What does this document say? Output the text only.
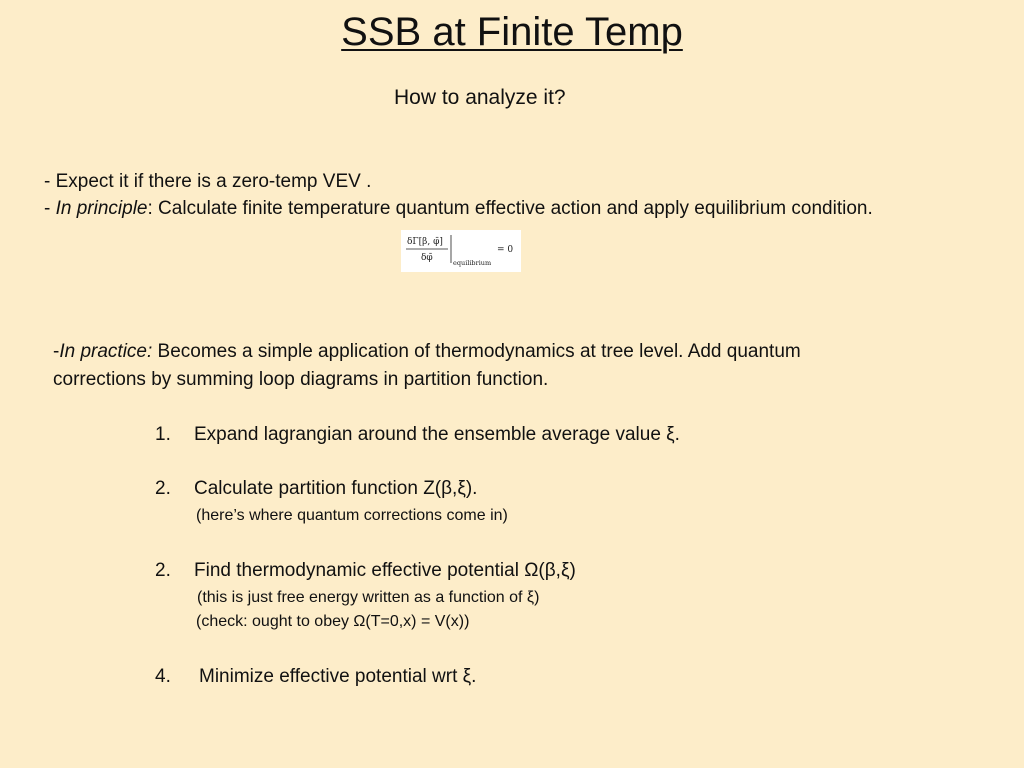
SSB at Finite Temp
How to analyze it?
- Expect it if there is a zero-temp VEV .
- In principle: Calculate finite temperature quantum effective action and apply equilibrium condition.
δΓ[β, φ̄]
δφ̄	equilibrium
= 0
-In practice: Becomes a simple application of thermodynamics at tree level. Add quantum
corrections by summing loop diagrams in partition function.
1. Expand lagrangian around the ensemble average value ξ.
2. Calculate partition function Z(β,ξ).
(here’s where quantum corrections come in)
2. Find thermodynamic effective potential Ω(β,ξ)
(this is just free energy written as a function of ξ)
(check: ought to obey Ω(T=0,x) = V(x))
4. Minimize effective potential wrt ξ.
